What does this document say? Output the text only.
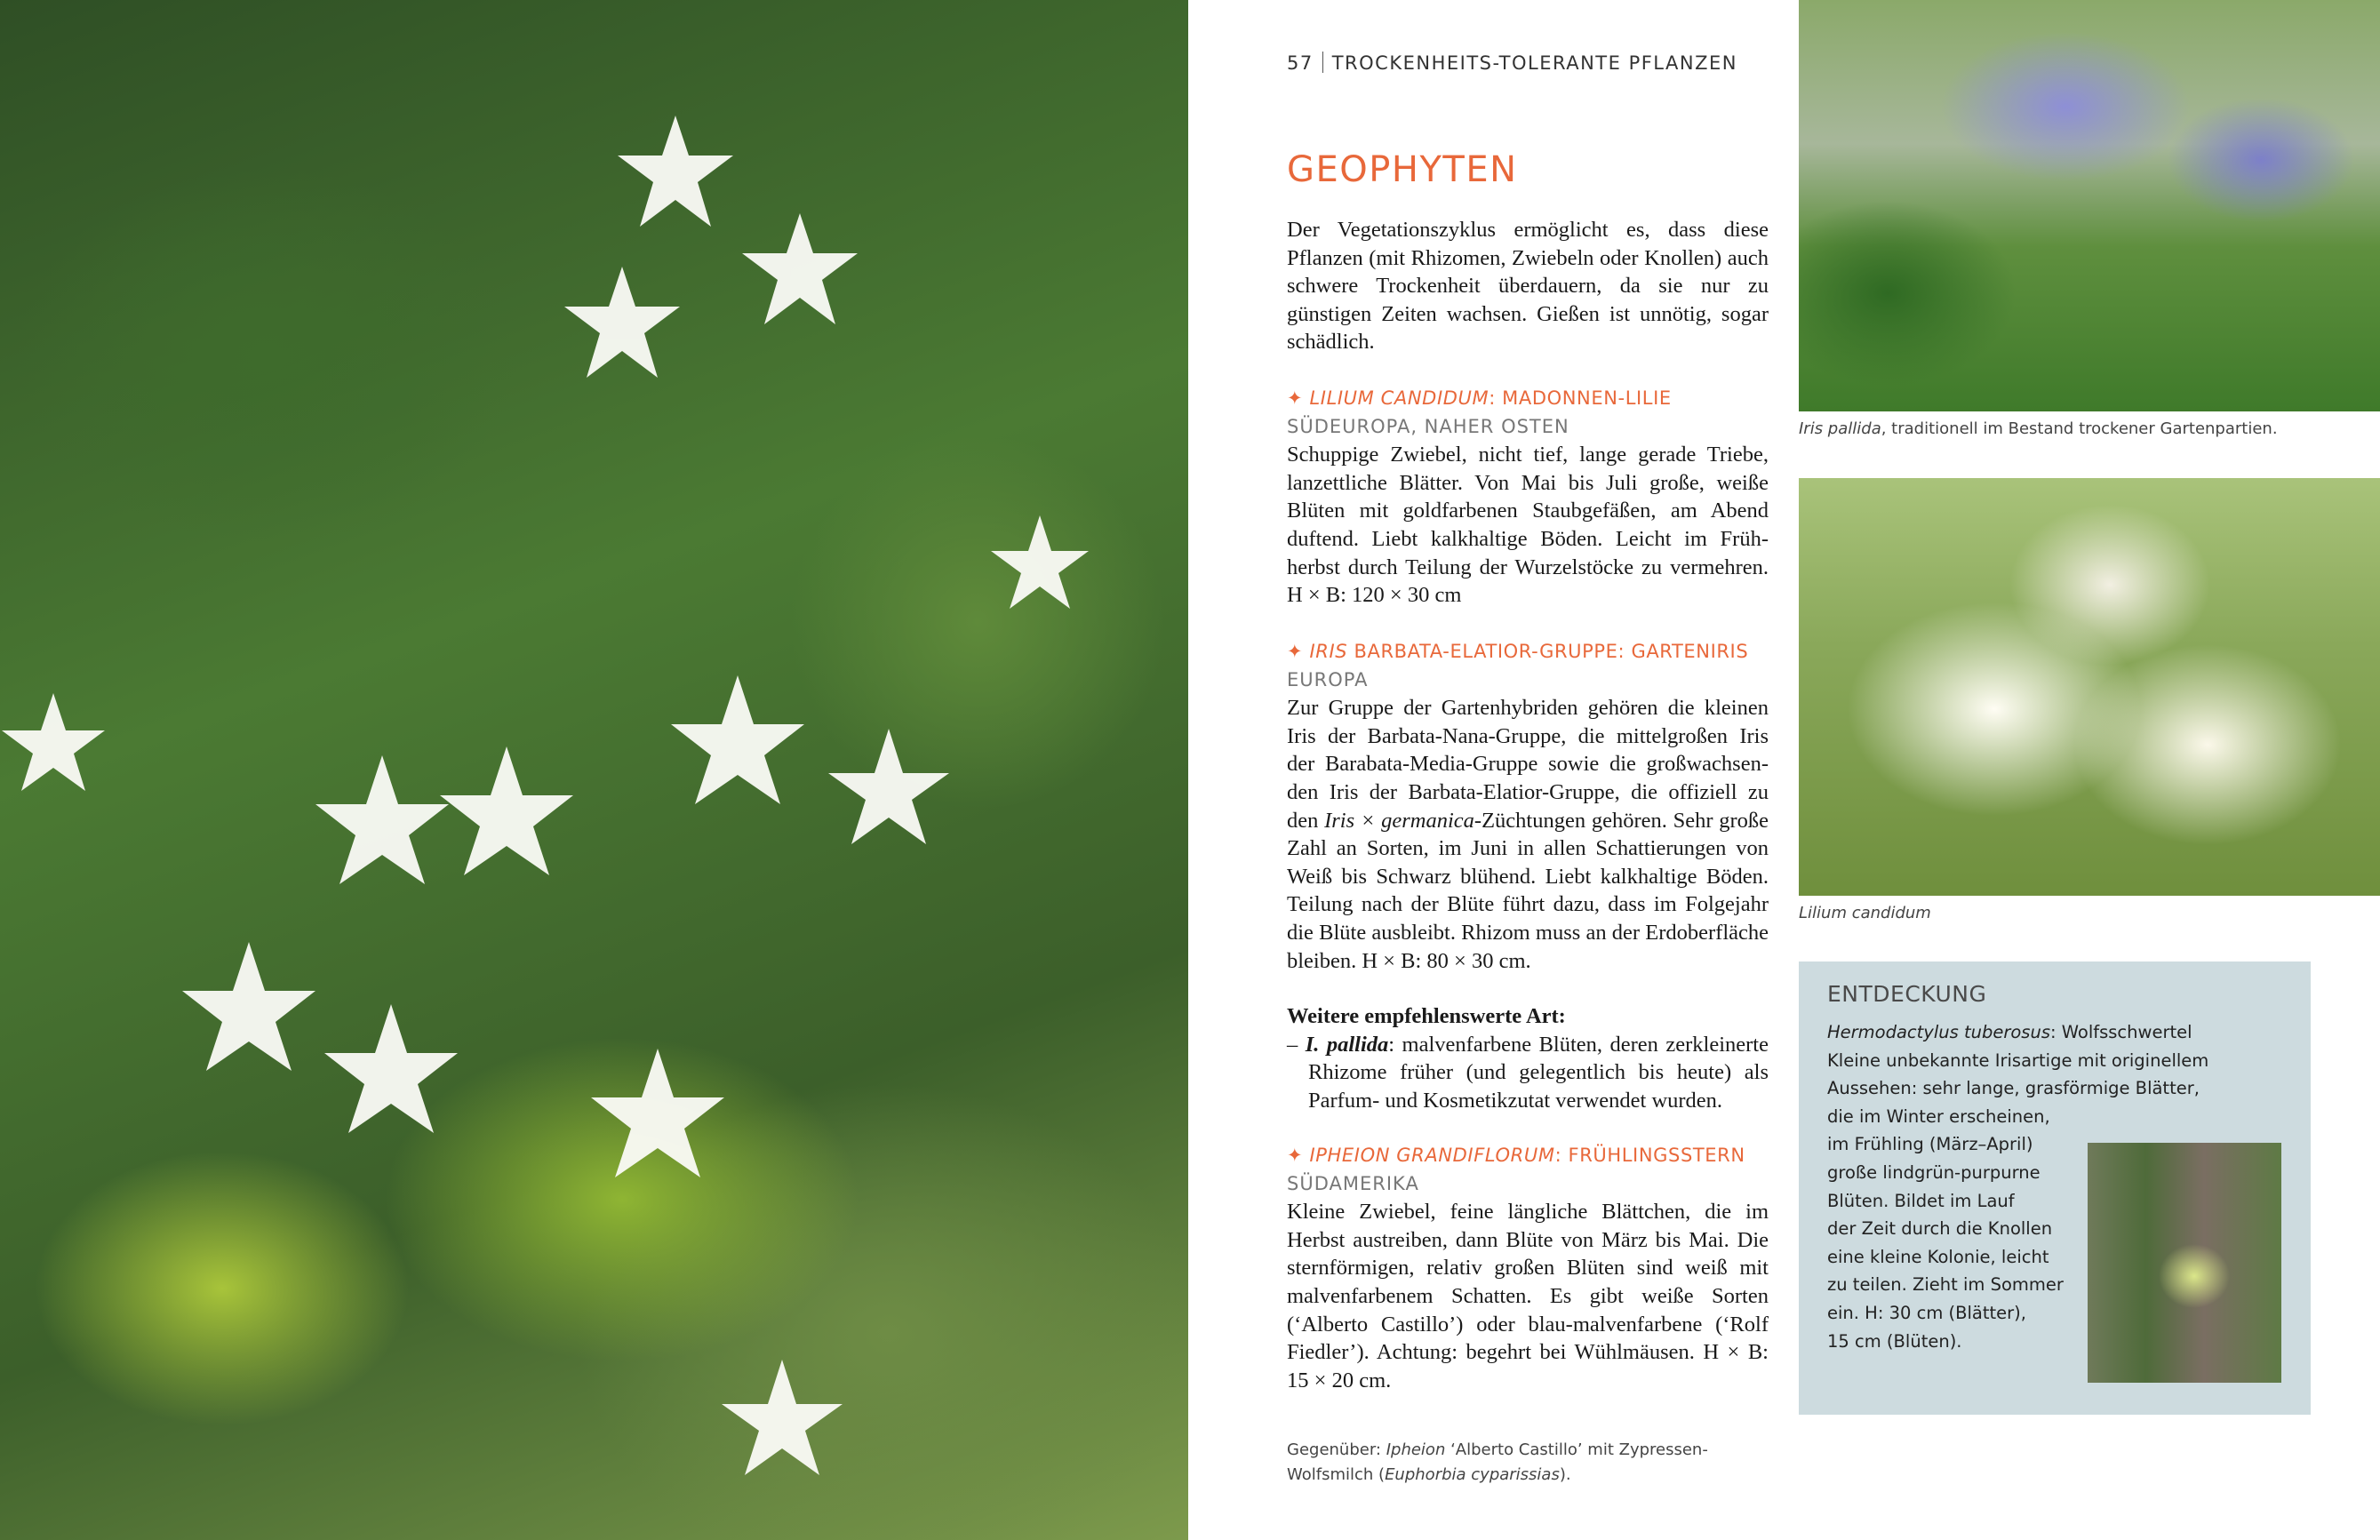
57 TROCKENHEITS-TOLERANTE PFLANZEN
GEOPHYTEN

Der Vegetationszyklus ermöglicht es, dass diese Pflanzen (mit Rhizomen, Zwiebeln oder Knollen) auch schwere Trockenheit überdauern, da sie nur zu günstigen Zeiten wachsen. Gießen ist unnötig, sogar schädlich.

✦ LILIUM CANDIDUM: MADONNEN-LILIE

SÜDEUROPA, NAHER OSTEN

Schuppige Zwiebel, nicht tief, lange gerade Triebe, lanzettliche Blätter. Von Mai bis Juli große, weiße Blüten mit goldfarbenen Staubgefäßen, am Abend duftend. Liebt kalkhaltige Böden. Leicht im Frühherbst durch Teilung der Wurzelstöcke zu vermehren. H × B: 120 × 30 cm

✦ IRIS BARBATA-ELATIOR-GRUPPE: GARTENIRIS

EUROPA

Zur Gruppe der Gartenhybriden gehören die kleinen Iris der Barbata-Nana-Gruppe, die mittelgroßen Iris der Barabata-Media-Gruppe sowie die großwachsenden Iris der Barbata-Elatior-Gruppe, die offiziell zu den Iris × germanica-Züchtungen gehören. Sehr große Zahl an Sorten, im Juni in allen Schattierungen von Weiß bis Schwarz blühend. Liebt kalkhaltige Böden. Teilung nach der Blüte führt dazu, dass im Folgejahr die Blüte ausbleibt. Rhizom muss an der Erdoberfläche bleiben. H × B: 80 × 30 cm.

Weitere empfehlenswerte Art:

– I. pallida: malvenfarbene Blüten, deren zerkleinerte Rhizome früher (und gelegentlich bis heute) als Parfum- und Kosmetikzutat verwendet wurden.

✦ IPHEION GRANDIFLORUM: FRÜHLINGSSTERN

SÜDAMERIKA

Kleine Zwiebel, feine längliche Blättchen, die im Herbst austreiben, dann Blüte von März bis Mai. Die sternförmigen, relativ großen Blüten sind weiß mit malvenfarbenem Schatten. Es gibt weiße Sorten (‘Alberto Castillo’) oder blau-malvenfarbene (‘Rolf Fiedler’). Achtung: begehrt bei Wühlmäusen. H × B: 15 × 20 cm.

Gegenüber: Ipheion ‘Alberto Castillo’ mit Zypressen-Wolfsmilch (Euphorbia cyparissias).
Iris pallida, traditionell im Bestand trockener Gartenpartien.
Lilium candidum
ENTDECKUNG
Hermodactylus tuberosus: Wolfsschwertel
Kleine unbekannte Irisartige mit originellem
Aussehen: sehr lange, grasförmige Blätter,
die im Winter erscheinen,
im Frühling (März–April)
große lindgrün-purpurne
Blüten. Bildet im Lauf
der Zeit durch die Knollen
eine kleine Kolonie, leicht
zu teilen. Zieht im Sommer
ein. H: 30 cm (Blätter),
15 cm (Blüten).
